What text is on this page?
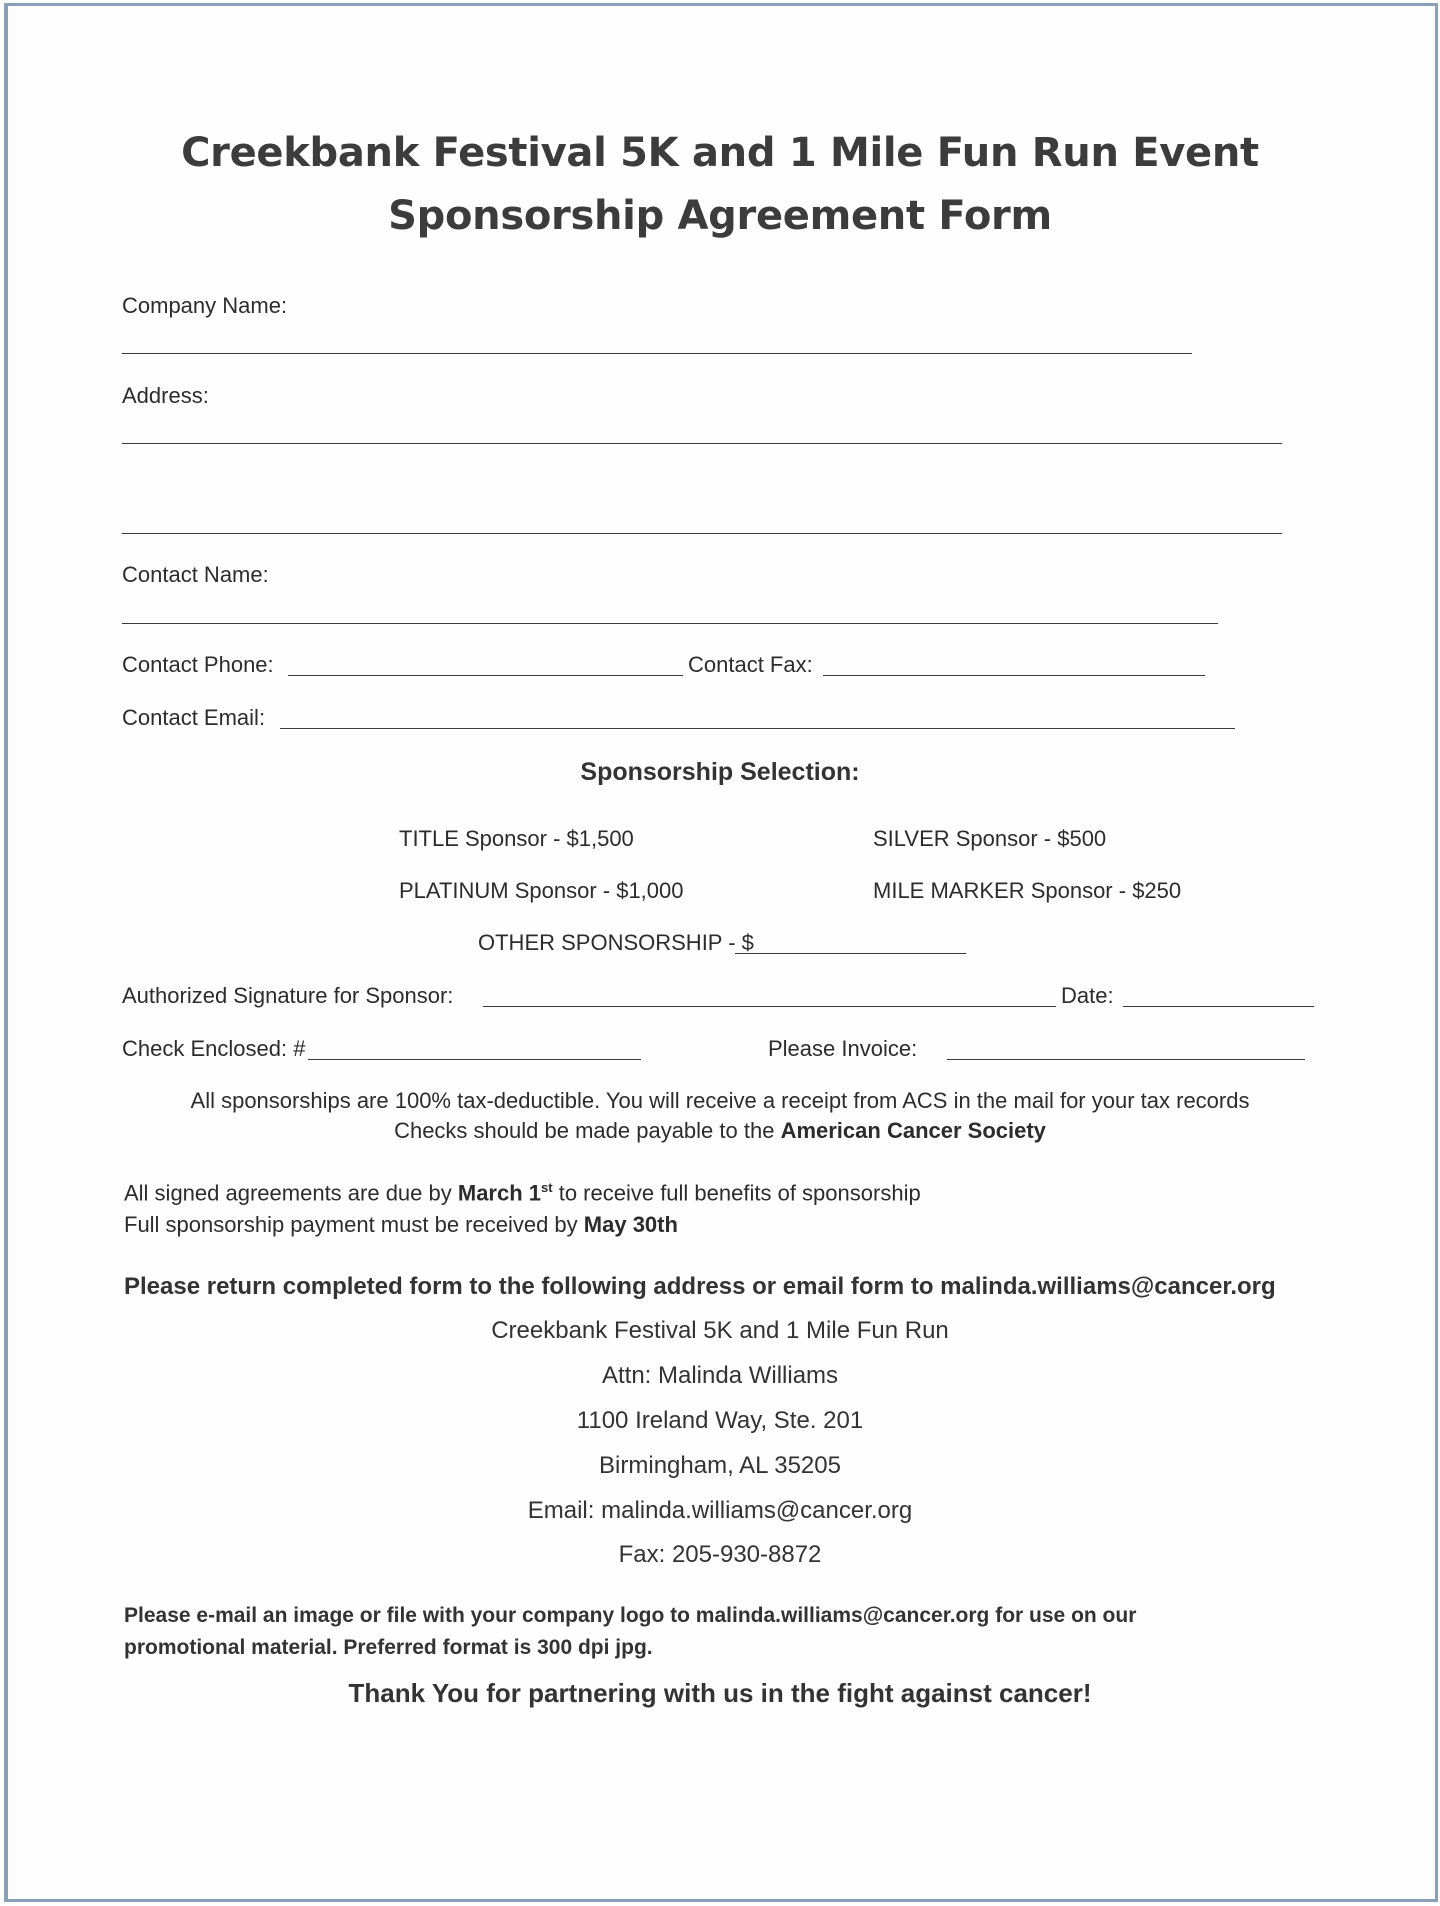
Creekbank Festival 5K and 1 Mile Fun Run Event
Sponsorship Agreement Form
Company Name:
Address:
Contact Name:
Contact Phone:	Contact Fax:
Contact Email:
Sponsorship Selection:
TITLE Sponsor - $1,500	SILVER Sponsor - $500
PLATINUM Sponsor - $1,000	MILE MARKER Sponsor - $250
OTHER SPONSORSHIP - $
Authorized Signature for Sponsor:	Date:
Check Enclosed: #	Please Invoice:
All sponsorships are 100% tax-deductible. You will receive a receipt from ACS in the mail for your tax records
Checks should be made payable to the American Cancer Society
All signed agreements are due by March 1st to receive full benefits of sponsorship
Full sponsorship payment must be received by May 30th
Please return completed form to the following address or email form to malinda.williams@cancer.org
Creekbank Festival 5K and 1 Mile Fun Run
Attn: Malinda Williams
1100 Ireland Way, Ste. 201
Birmingham, AL 35205
Email: malinda.williams@cancer.org
Fax: 205-930-8872
Please e-mail an image or file with your company logo to malinda.williams@cancer.org for use on our
promotional material. Preferred format is 300 dpi jpg.
Thank You for partnering with us in the fight against cancer!
